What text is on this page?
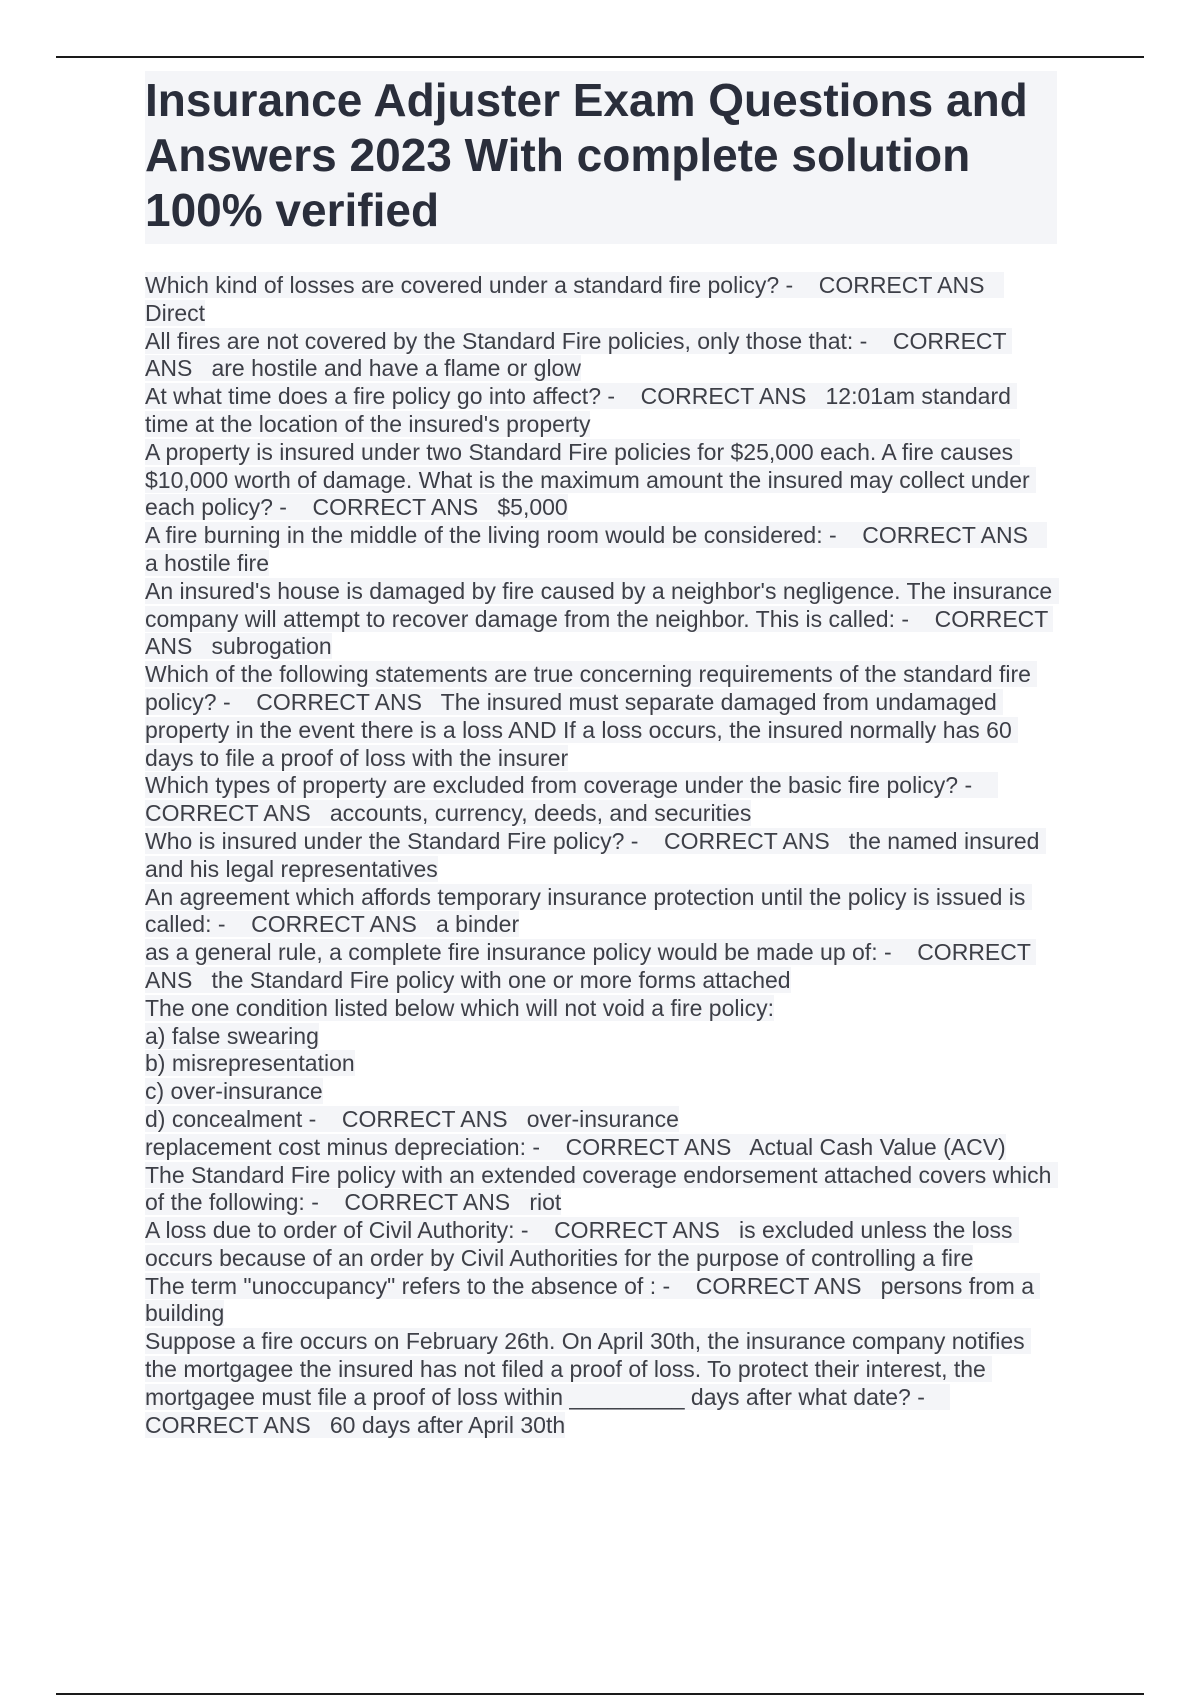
Insurance Adjuster Exam Questions and Answers 2023 With complete solution 100% verified
Which kind of losses are covered under a standard fire policy? -    CORRECT ANS   Direct
All fires are not covered by the Standard Fire policies, only those that: -    CORRECT ANS   are hostile and have a flame or glow
At what time does a fire policy go into affect? -    CORRECT ANS   12:01am standard time at the location of the insured's property
A property is insured under two Standard Fire policies for $25,000 each. A fire causes $10,000 worth of damage. What is the maximum amount the insured may collect under each policy? -    CORRECT ANS   $5,000
A fire burning in the middle of the living room would be considered: -    CORRECT ANS   a hostile fire
An insured's house is damaged by fire caused by a neighbor's negligence. The insurance company will attempt to recover damage from the neighbor. This is called: -    CORRECT ANS   subrogation
Which of the following statements are true concerning requirements of the standard fire policy? -    CORRECT ANS   The insured must separate damaged from undamaged property in the event there is a loss AND If a loss occurs, the insured normally has 60 days to file a proof of loss with the insurer
Which types of property are excluded from coverage under the basic fire policy? -    CORRECT ANS   accounts, currency, deeds, and securities
Who is insured under the Standard Fire policy? -    CORRECT ANS   the named insured and his legal representatives
An agreement which affords temporary insurance protection until the policy is issued is called: -    CORRECT ANS   a binder
as a general rule, a complete fire insurance policy would be made up of: -    CORRECT ANS   the Standard Fire policy with one or more forms attached
The one condition listed below which will not void a fire policy:
a) false swearing
b) misrepresentation
c) over-insurance
d) concealment -    CORRECT ANS   over-insurance
replacement cost minus depreciation: -    CORRECT ANS   Actual Cash Value (ACV)
The Standard Fire policy with an extended coverage endorsement attached covers which of the following: -    CORRECT ANS   riot
A loss due to order of Civil Authority: -    CORRECT ANS   is excluded unless the loss occurs because of an order by Civil Authorities for the purpose of controlling a fire
The term "unoccupancy" refers to the absence of : -    CORRECT ANS   persons from a building
Suppose a fire occurs on February 26th. On April 30th, the insurance company notifies the mortgagee the insured has not filed a proof of loss. To protect their interest, the mortgagee must file a proof of loss within _________ days after what date? -    CORRECT ANS   60 days after April 30th
